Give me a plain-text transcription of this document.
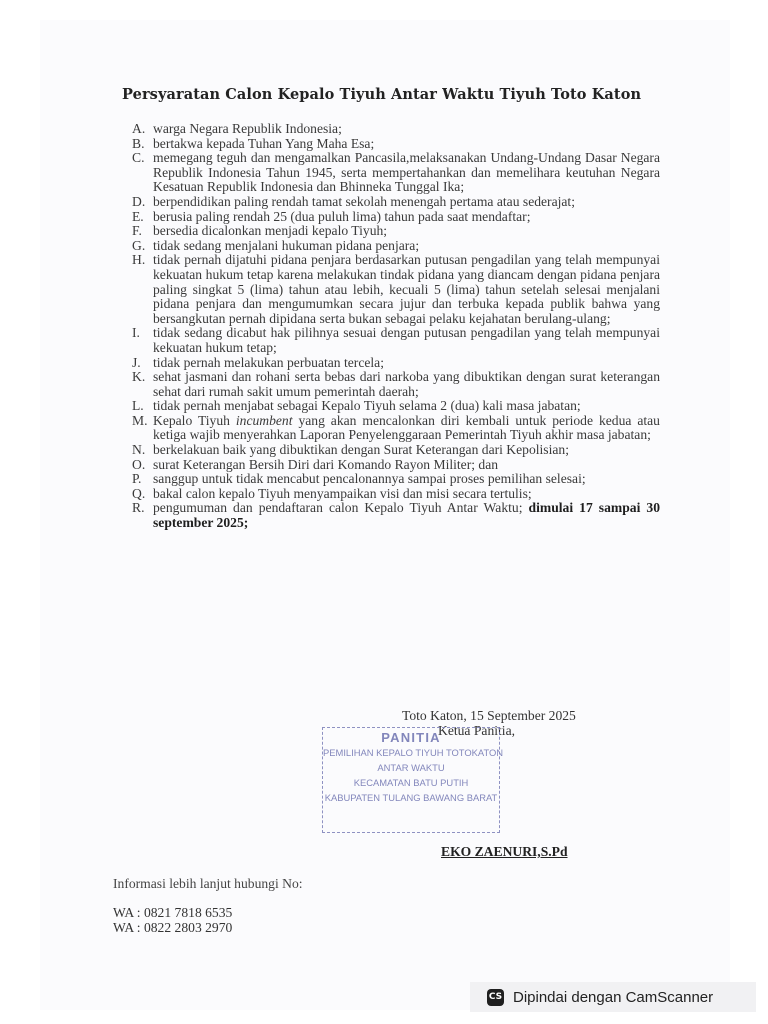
Persyaratan Calon Kepalo Tiyuh Antar Waktu Tiyuh Toto Katon
A. warga Negara Republik Indonesia;
B. bertakwa kepada Tuhan Yang Maha Esa;
C. memegang teguh dan mengamalkan Pancasila,melaksanakan Undang-Undang Dasar Negara Republik Indonesia Tahun 1945, serta mempertahankan dan memelihara keutuhan Negara Kesatuan Republik Indonesia dan Bhinneka Tunggal Ika;
D. berpendidikan paling rendah tamat sekolah menengah pertama atau sederajat;
E. berusia paling rendah 25 (dua puluh lima) tahun pada saat mendaftar;
F. bersedia dicalonkan menjadi kepalo Tiyuh;
G. tidak sedang menjalani hukuman pidana penjara;
H. tidak pernah dijatuhi pidana penjara berdasarkan putusan pengadilan yang telah mempunyai kekuatan hukum tetap karena melakukan tindak pidana yang diancam dengan pidana penjara paling singkat 5 (lima) tahun atau lebih, kecuali 5 (lima) tahun setelah selesai menjalani pidana penjara dan mengumumkan secara jujur dan terbuka kepada publik bahwa yang bersangkutan pernah dipidana serta bukan sebagai pelaku kejahatan berulang-ulang;
I. tidak sedang dicabut hak pilihnya sesuai dengan putusan pengadilan yang telah mempunyai kekuatan hukum tetap;
J. tidak pernah melakukan perbuatan tercela;
K. sehat jasmani dan rohani serta bebas dari narkoba yang dibuktikan dengan surat keterangan sehat dari rumah sakit umum pemerintah daerah;
L. tidak pernah menjabat sebagai Kepalo Tiyuh selama 2 (dua) kali masa jabatan;
M. Kepalo Tiyuh incumbent yang akan mencalonkan diri kembali untuk periode kedua atau ketiga wajib menyerahkan Laporan Penyelenggaraan Pemerintah Tiyuh akhir masa jabatan;
N. berkelakuan baik yang dibuktikan dengan Surat Keterangan dari Kepolisian;
O. surat Keterangan Bersih Diri dari Komando Rayon Militer; dan
P. sanggup untuk tidak mencabut pencalonannya sampai proses pemilihan selesai;
Q. bakal calon kepalo Tiyuh menyampaikan visi dan misi secara tertulis;
R. pengumuman dan pendaftaran calon Kepalo Tiyuh Antar Waktu; dimulai 17 sampai 30 september 2025;
Toto Katon, 15 September 2025
Ketua Panitia,
PANITIA
PEMILIHAN KEPALO TIYUH TOTOKATON
ANTAR WAKTU
KECAMATAN BATU PUTIH
KABUPATEN TULANG BAWANG BARAT
EKO ZAENURI,S.Pd
Informasi lebih lanjut hubungi No:
WA : 0821 7818 6535
WA : 0822 2803 2970
CS Dipindai dengan CamScanner
